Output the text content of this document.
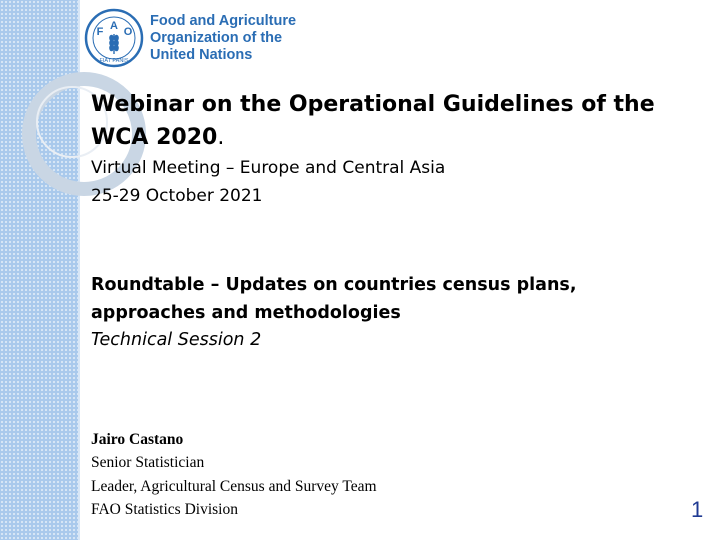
F A O
FIAT PANIS
Food and Agriculture
Organization of the
United Nations
Webinar on the Operational Guidelines of the WCA 2020.
Virtual Meeting – Europe and Central Asia
25-29 October 2021
Roundtable – Updates on countries census plans, approaches and methodologies
Technical Session 2
Jairo Castano
Senior Statistician
Leader, Agricultural Census and Survey Team
FAO Statistics Division	1
